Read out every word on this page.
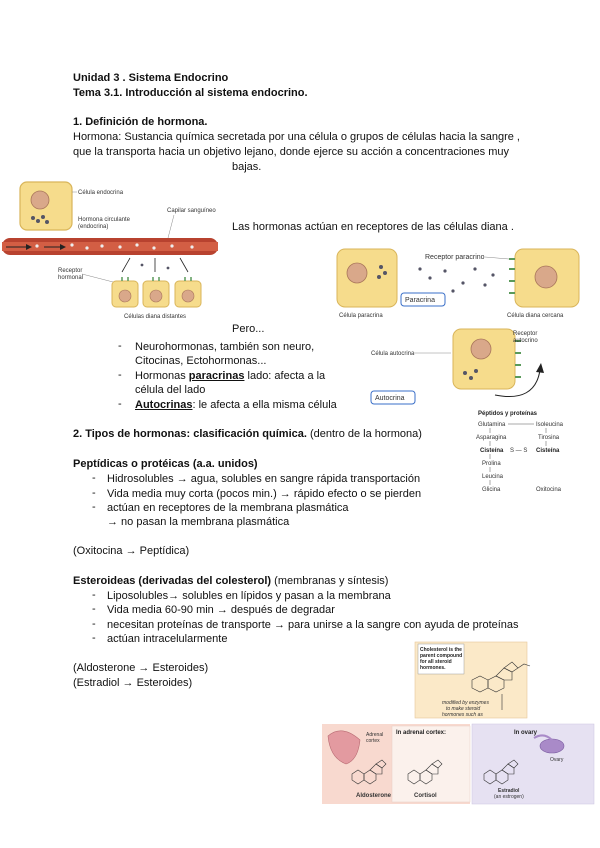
Unidad 3 . Sistema Endocrino
Tema 3.1. Introducción al sistema endocrino.
1. Definición de hormona.
Hormona: Sustancia química secretada por una célula o grupos de células hacia la sangre ,
que la transporta hacia un objetivo lejano, donde ejerce su acción a concentraciones muy
bajas.
Célula endocrina
Hormona circulante
(endocrina)
Capilar sanguíneo
Receptor
hormonal
Células diana distantes
Las hormonas actúan en receptores de las células diana .
Receptor paracrino
Paracrina
Célula paracrina	Célula diana cercana
Célula autocrina
Receptor
autocrino
Autocrina
Pero...
- Neurohormonas, también son neuro,
Citocinas, Ectohormonas...
- Hormonas paracrinas lado: afecta a la
célula del lado
- Autocrinas: le afecta a ella misma célula
Péptidos y proteínas
Glutamina	Isoleucina
Asparagina	Tirosina
Cisteína S — S Cisteína
Prolina
Leucina
Glicina	Oxitocina
2. Tipos de hormonas: clasificación química. (dentro de la hormona)
Peptídicas o protéicas (a.a. unidos)
- Hidrosolubles → agua, solubles en sangre rápida transportación
- Vida media muy corta (pocos min.) → rápido efecto o se pierden
- actúan en receptores de la membrana plasmática
→ no pasan la membrana plasmática
(Oxitocina → Peptídica)
Esteroideas (derivadas del colesterol) (membranas y síntesis)
- Liposolubles→ solubles en lípidos y pasan a la membrana
- Vida media 60-90 min → después de degradar
- necesitan proteínas de transporte → para unirse a la sangre con ayuda de proteínas
- actúan intracelularmente
(Aldosterone → Esteroides)
(Estradiol → Esteroides)
Cholesterol is the
parent compound
for all steroid
hormones.
modified by enzymes
to make steroid
hormones such as
Adrenal
cortex
In adrenal cortex:
Aldosterone	Cortisol
In ovary
Ovary
Estradiol
(an estrogen)
